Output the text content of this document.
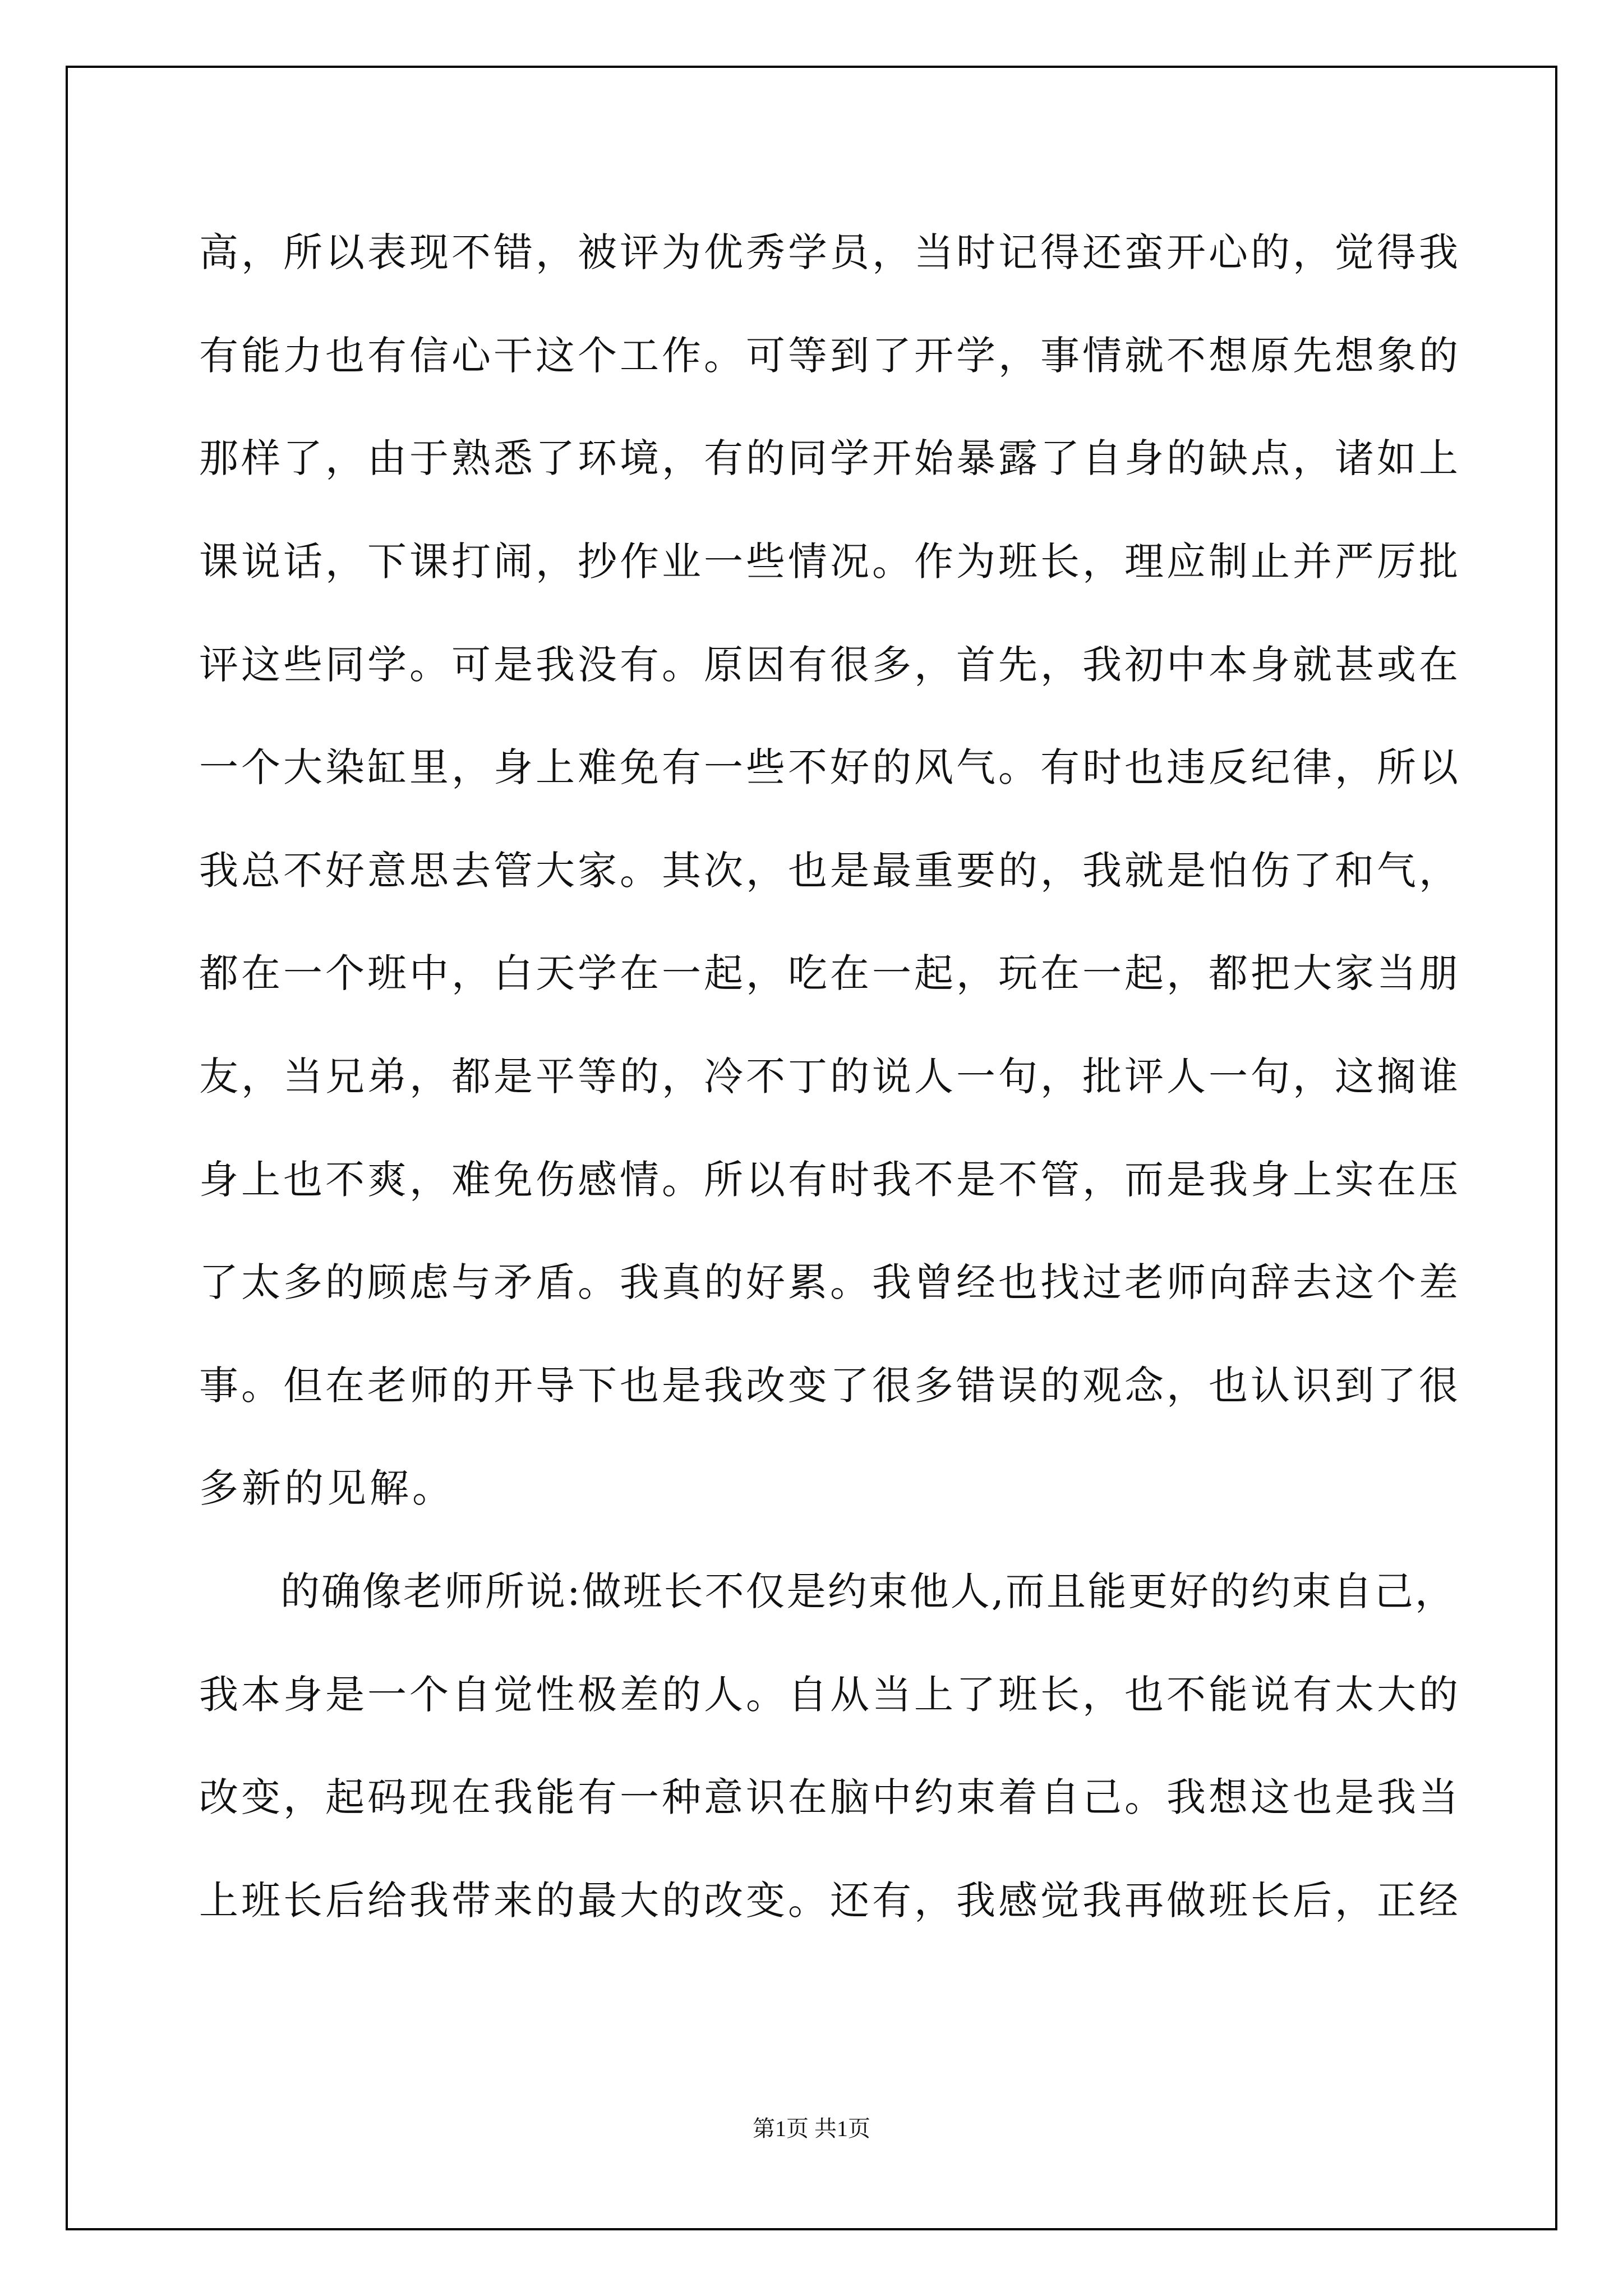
高，所以表现不错，被评为优秀学员，当时记得还蛮开心的，觉得我
有能力也有信心干这个工作。可等到了开学，事情就不想原先想象的
那样了，由于熟悉了环境，有的同学开始暴露了自身的缺点，诸如上
课说话，下课打闹，抄作业一些情况。作为班长，理应制止并严厉批
评这些同学。可是我没有。原因有很多，首先，我初中本身就甚或在
一个大染缸里，身上难免有一些不好的风气。有时也违反纪律，所以
我总不好意思去管大家。其次，也是最重要的，我就是怕伤了和气，
都在一个班中，白天学在一起，吃在一起，玩在一起，都把大家当朋
友，当兄弟，都是平等的，冷不丁的说人一句，批评人一句，这搁谁
身上也不爽，难免伤感情。所以有时我不是不管，而是我身上实在压
了太多的顾虑与矛盾。我真的好累。我曾经也找过老师向辞去这个差
事。但在老师的开导下也是我改变了很多错误的观念，也认识到了很
多新的见解。
的确像老师所说:做班长不仅是约束他人,而且能更好的约束自己，
我本身是一个自觉性极差的人。自从当上了班长，也不能说有太大的
改变，起码现在我能有一种意识在脑中约束着自己。我想这也是我当
上班长后给我带来的最大的改变。还有，我感觉我再做班长后，正经
第1页 共1页
